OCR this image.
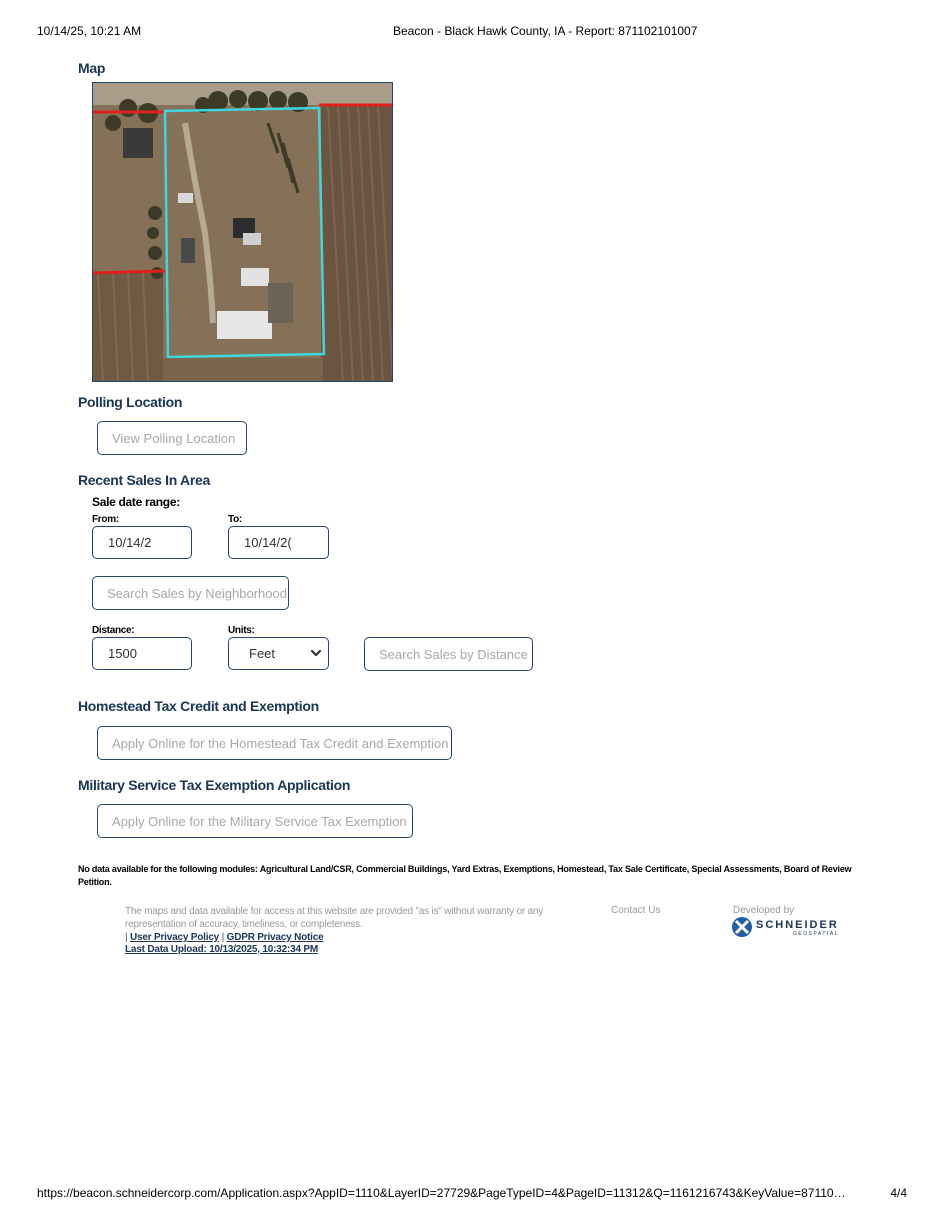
10/14/25, 10:21 AM	Beacon - Black Hawk County, IA - Report: 871102101007
Map
Polling Location
View Polling Location
Recent Sales In Area
Sale date range:
From:	To:
10/14/2	10/14/2(
Search Sales by Neighborhood
Distance:	Units:
1500	Feet	Search Sales by Distance
Homestead Tax Credit and Exemption
Apply Online for the Homestead Tax Credit and Exemption
Military Service Tax Exemption Application
Apply Online for the Military Service Tax Exemption
No data available for the following modules: Agricultural Land/CSR, Commercial Buildings, Yard Extras, Exemptions, Homestead, Tax Sale Certificate, Special Assessments, Board of Review Petition.
The maps and data available for access at this website are provided "as is" without warranty or any representation of accuracy, timeliness, or completeness.
| User Privacy Policy | GDPR Privacy Notice
Last Data Upload: 10/13/2025, 10:32:34 PM
Contact Us	Developed by
SCHNEIDER
GEOSPATIAL
https://beacon.schneidercorp.com/Application.aspx?AppID=1110&LayerID=27729&PageTypeID=4&PageID=11312&Q=1161216743&KeyValue=87110…	4/4
